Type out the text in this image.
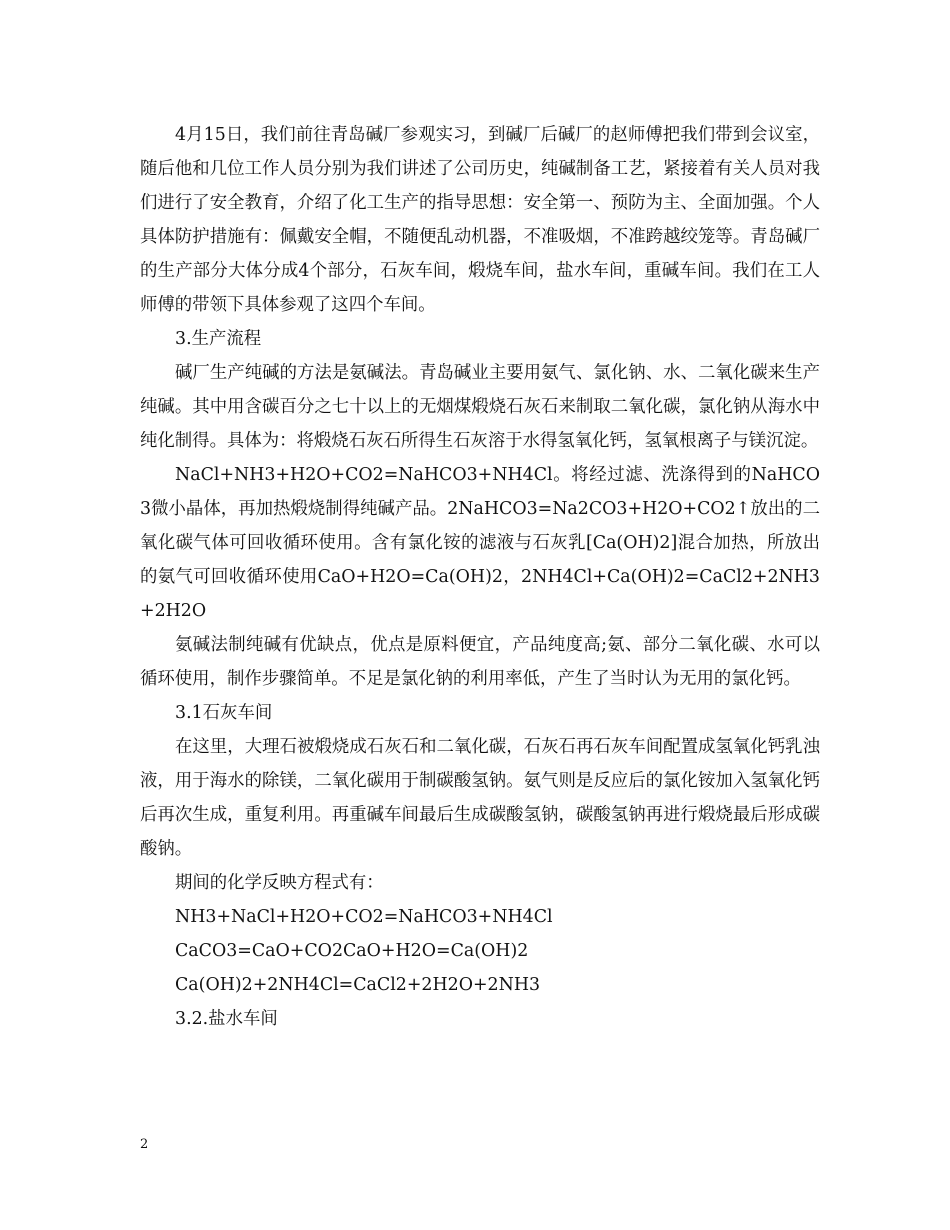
4月15日，我们前往青岛碱厂参观实习，到碱厂后碱厂的赵师傅把我们带到会议室，随后他和几位工作人员分别为我们讲述了公司历史，纯碱制备工艺，紧接着有关人员对我们进行了安全教育，介绍了化工生产的指导思想：安全第一、预防为主、全面加强。个人具体防护措施有：佩戴安全帽，不随便乱动机器，不准吸烟，不准跨越绞笼等。青岛碱厂的生产部分大体分成4个部分，石灰车间，煅烧车间，盐水车间，重碱车间。我们在工人师傅的带领下具体参观了这四个车间。

3.生产流程

碱厂生产纯碱的方法是氨碱法。青岛碱业主要用氨气、氯化钠、水、二氧化碳来生产纯碱。其中用含碳百分之七十以上的无烟煤煅烧石灰石来制取二氧化碳，氯化钠从海水中纯化制得。具体为：将煅烧石灰石所得生石灰溶于水得氢氧化钙，氢氧根离子与镁沉淀。

NaCl+NH3+H2O+CO2=NaHCO3+NH4Cl。将经过滤、洗涤得到的NaHCO3微小晶体，再加热煅烧制得纯碱产品。2NaHCO3=Na2CO3+H2O+CO2↑放出的二氧化碳气体可回收循环使用。含有氯化铵的滤液与石灰乳[Ca(OH)2]混合加热，所放出的氨气可回收循环使用CaO+H2O=Ca(OH)2，2NH4Cl+Ca(OH)2=CaCl2+2NH3+2H2O

氨碱法制纯碱有优缺点，优点是原料便宜，产品纯度高;氨、部分二氧化碳、水可以循环使用，制作步骤简单。不足是氯化钠的利用率低，产生了当时认为无用的氯化钙。

3.1石灰车间

在这里，大理石被煅烧成石灰石和二氧化碳，石灰石再石灰车间配置成氢氧化钙乳浊液，用于海水的除镁，二氧化碳用于制碳酸氢钠。氨气则是反应后的氯化铵加入氢氧化钙后再次生成，重复利用。再重碱车间最后生成碳酸氢钠，碳酸氢钠再进行煅烧最后形成碳酸钠。

期间的化学反映方程式有：

NH3+NaCl+H2O+CO2=NaHCO3+NH4Cl

CaCO3=CaO+CO2CaO+H2O=Ca(OH)2

Ca(OH)2+2NH4Cl=CaCl2+2H2O+2NH3

3.2.盐水车间

2
